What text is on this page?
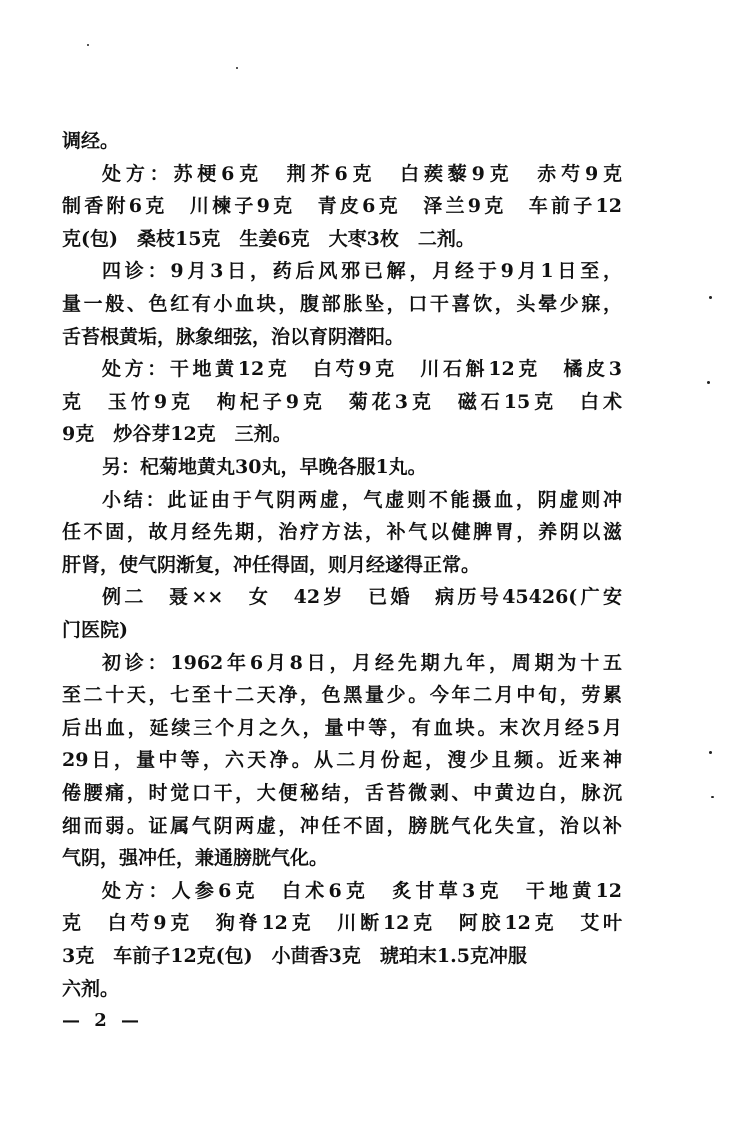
调经。
处方：苏梗6克　荆芥6克　白蒺藜9克　赤芍9克
制香附6克　川楝子9克　青皮6克　泽兰9克　车前子12
克(包)　桑枝15克　生姜6克　大枣3枚　二剂。
四诊：9月3日，药后风邪已解，月经于9月1日至，
量一般、色红有小血块，腹部胀坠，口干喜饮，头晕少寐，
舌苔根黄垢，脉象细弦，治以育阴潜阳。
处方：干地黄12克　白芍9克　川石斛12克　橘皮3
克　玉竹9克　枸杞子9克　菊花3克　磁石15克　白术
9克　炒谷芽12克　三剂。
另：杞菊地黄丸30丸，早晚各服1丸。
小结：此证由于气阴两虚，气虚则不能摄血，阴虚则冲
任不固，故月经先期，治疗方法，补气以健脾胃，养阴以滋
肝肾，使气阴渐复，冲任得固，则月经遂得正常。
例二　聂××　女　42岁　已婚　病历号45426(广安
门医院)
初诊：1962年6月8日，月经先期九年，周期为十五
至二十天，七至十二天净，色黑量少。今年二月中旬，劳累
后出血，延续三个月之久，量中等，有血块。末次月经5月
29日，量中等，六天净。从二月份起，溲少且频。近来神
倦腰痛，时觉口干，大便秘结，舌苔微剥、中黄边白，脉沉
细而弱。证属气阴两虚，冲任不固，膀胱气化失宣，治以补
气阴，强冲任，兼通膀胱气化。
处方：人参6克　白术6克　炙甘草3克　干地黄12
克　白芍9克　狗脊12克　川断12克　阿胶12克　艾叶
3克　车前子12克(包)　小茴香3克　琥珀末1.5克冲服
六剂。
— 2 —
